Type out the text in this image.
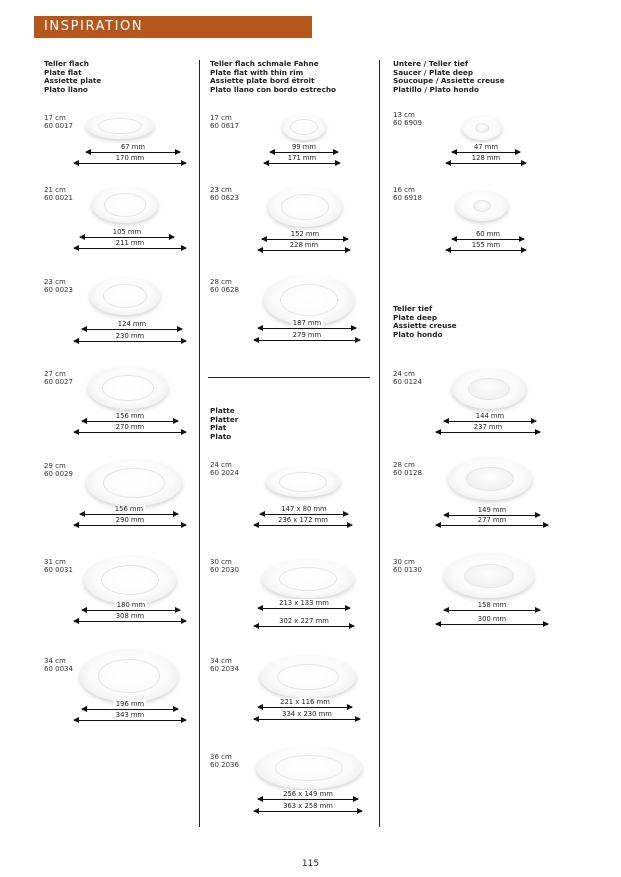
INSPIRATION
Teller flach
Plate flat
Assiette plate
Plato llano
17 cm
60 0017
67 mm
170 mm
21 cm
60 0021
105 mm
211 mm
23 cm
60 0023
124 mm
230 mm
27 cm
60 0027
156 mm
270 mm
29 cm
60 0029
156 mm
290 mm
31 cm
60 0031
180 mm
308 mm
34 cm
60 0034
196 mm
343 mm
Teller flach schmale Fahne
Plate flat with thin rim
Assiette plate bord étroit
Plato llano con bordo estrecho
17 cm
60 0617
99 mm
171 mm
23 cm
60 0623
152 mm
228 mm
28 cm
60 0628
187 mm
279 mm
Platte
Platter
Plat
Plato
24 cm
60 2024
147 x 80 mm
236 x 172 mm
30 cm
60 2030
213 x 133 mm
302 x 227 mm
34 cm
60 2034
221 x 116 mm
334 x 230 mm
36 cm
60 2036
256 x 149 mm
363 x 258 mm
Untere / Teller tief
Saucer / Plate deep
Soucoupe / Assiette creuse
Platillo / Plato hondo
13 cm
60 6909
47 mm
128 mm
16 cm
60 6918
60 mm
155 mm
Teller tief
Plate deep
Assiette creuse
Plato hondo
24 cm
60 0124
144 mm
237 mm
28 cm
60 0128
149 mm
277 mm
30 cm
60 0130
158 mm
300 mm
115
